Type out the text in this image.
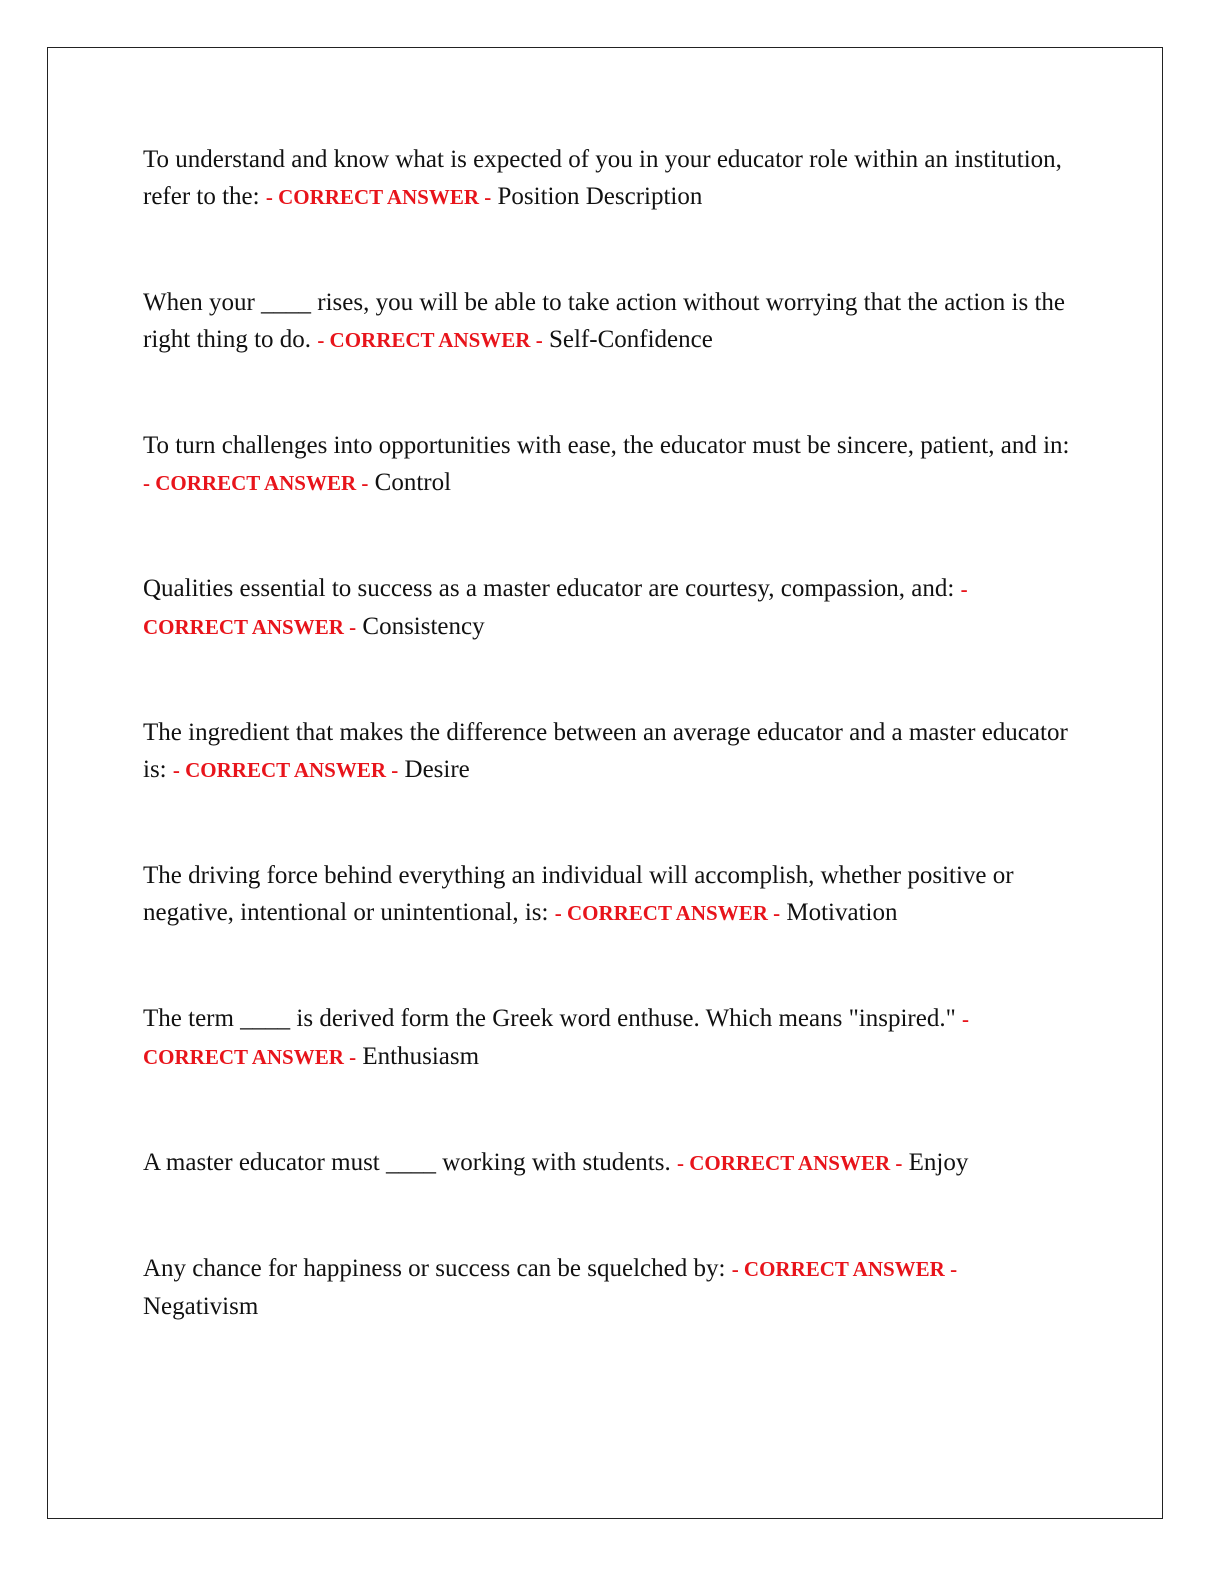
To understand and know what is expected of you in your educator role within an institution, refer to the: - CORRECT ANSWER - Position Description

When your ____ rises, you will be able to take action without worrying that the action is the right thing to do. - CORRECT ANSWER - Self-Confidence

To turn challenges into opportunities with ease, the educator must be sincere, patient, and in: - CORRECT ANSWER - Control

Qualities essential to success as a master educator are courtesy, compassion, and: - CORRECT ANSWER - Consistency

The ingredient that makes the difference between an average educator and a master educator is: - CORRECT ANSWER - Desire

The driving force behind everything an individual will accomplish, whether positive or negative, intentional or unintentional, is: - CORRECT ANSWER - Motivation

The term ____ is derived form the Greek word enthuse. Which means "inspired." - CORRECT ANSWER - Enthusiasm

A master educator must ____ working with students. - CORRECT ANSWER - Enjoy

Any chance for happiness or success can be squelched by: - CORRECT ANSWER - Negativism
